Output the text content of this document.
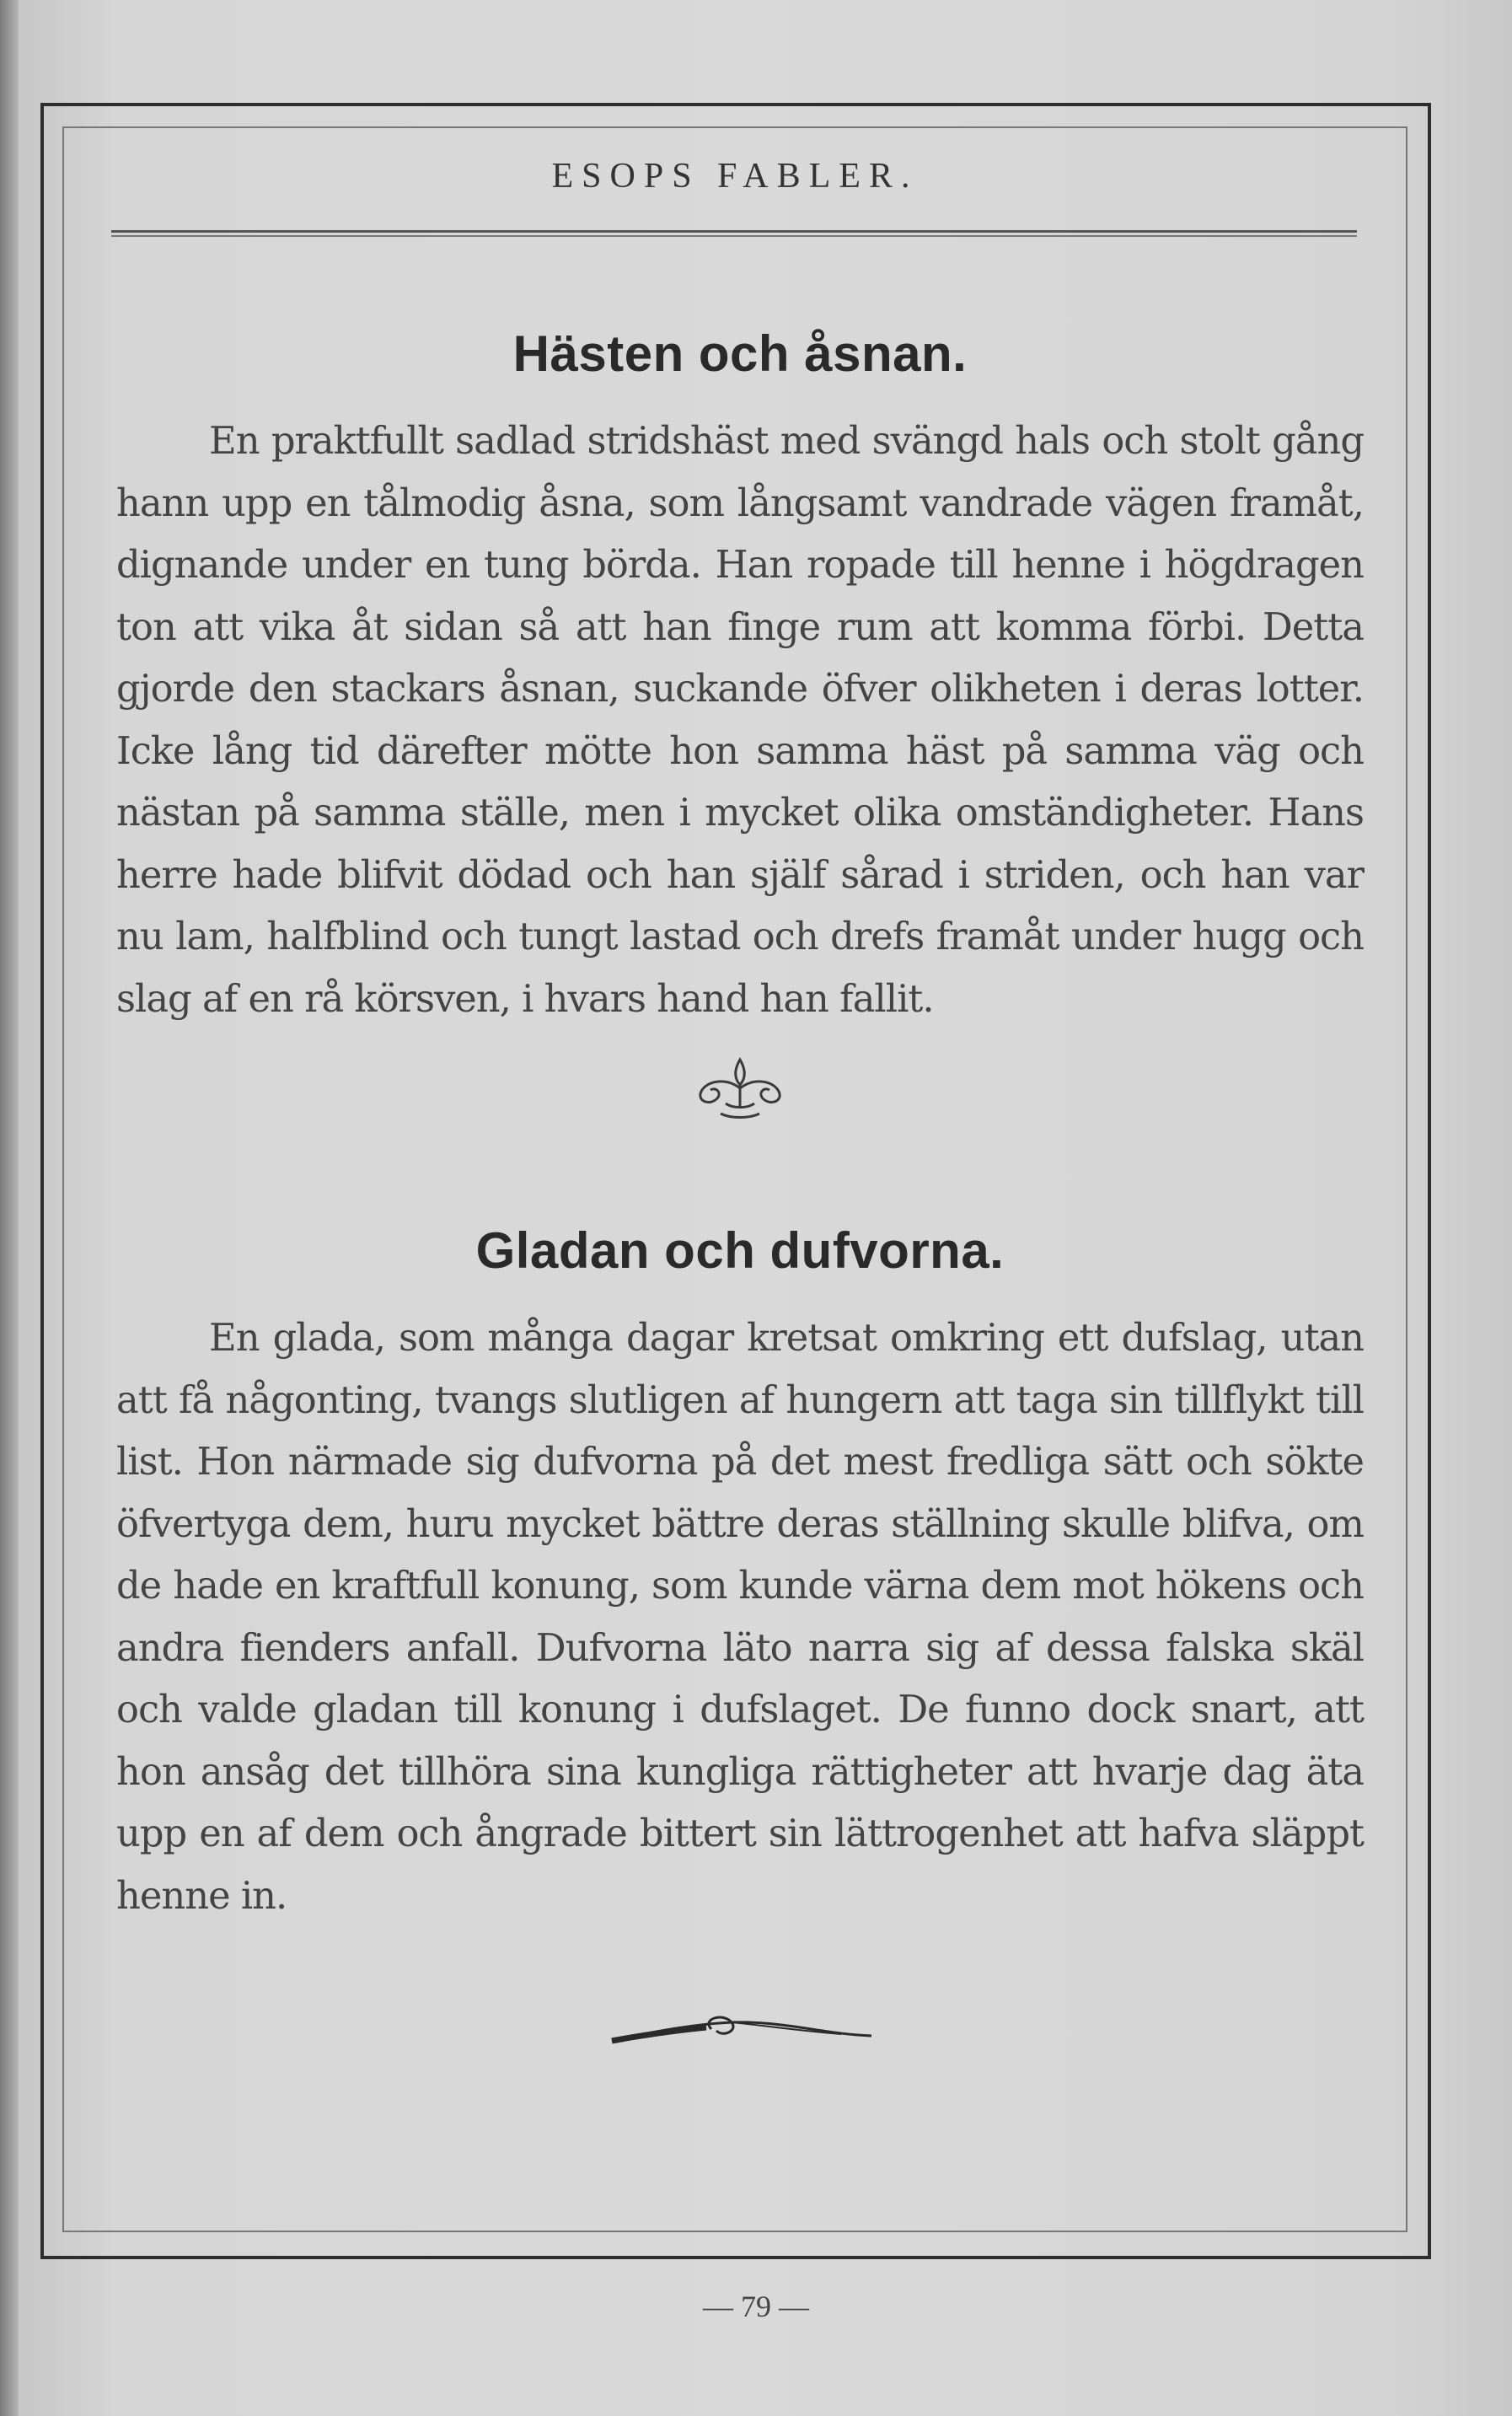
ESOPS FABLER.
Hästen och åsnan.

En praktfullt sadlad stridshäst med svängd hals och stolt gång hann upp en tålmodig åsna, som långsamt vandrade vägen framåt, dignande under en tung börda. Han ropade till henne i högdragen ton att vika åt sidan så att han finge rum att komma förbi. Detta gjorde den stackars åsnan, suckande öfver olikheten i deras lotter. Icke lång tid därefter mötte hon samma häst på samma väg och nästan på samma ställe, men i mycket olika omständigheter. Hans herre hade blifvit dödad och han själf sårad i striden, och han var nu lam, halfblind och tungt lastad och drefs framåt under hugg och slag af en rå körsven, i hvars hand han fallit.

Gladan och dufvorna.

En glada, som många dagar kretsat omkring ett dufslag, utan att få någonting, tvangs slutligen af hungern att taga sin tillflykt till list. Hon närmade sig dufvorna på det mest fredliga sätt och sökte öfvertyga dem, huru mycket bättre deras ställning skulle blifva, om de hade en kraftfull konung, som kunde värna dem mot hökens och andra fienders anfall. Dufvorna läto narra sig af dessa falska skäl och valde gladan till konung i dufslaget. De funno dock snart, att hon ansåg det tillhöra sina kungliga rättigheter att hvarje dag äta upp en af dem och ångrade bittert sin lättrogenhet att hafva släppt henne in.

— 79 —
